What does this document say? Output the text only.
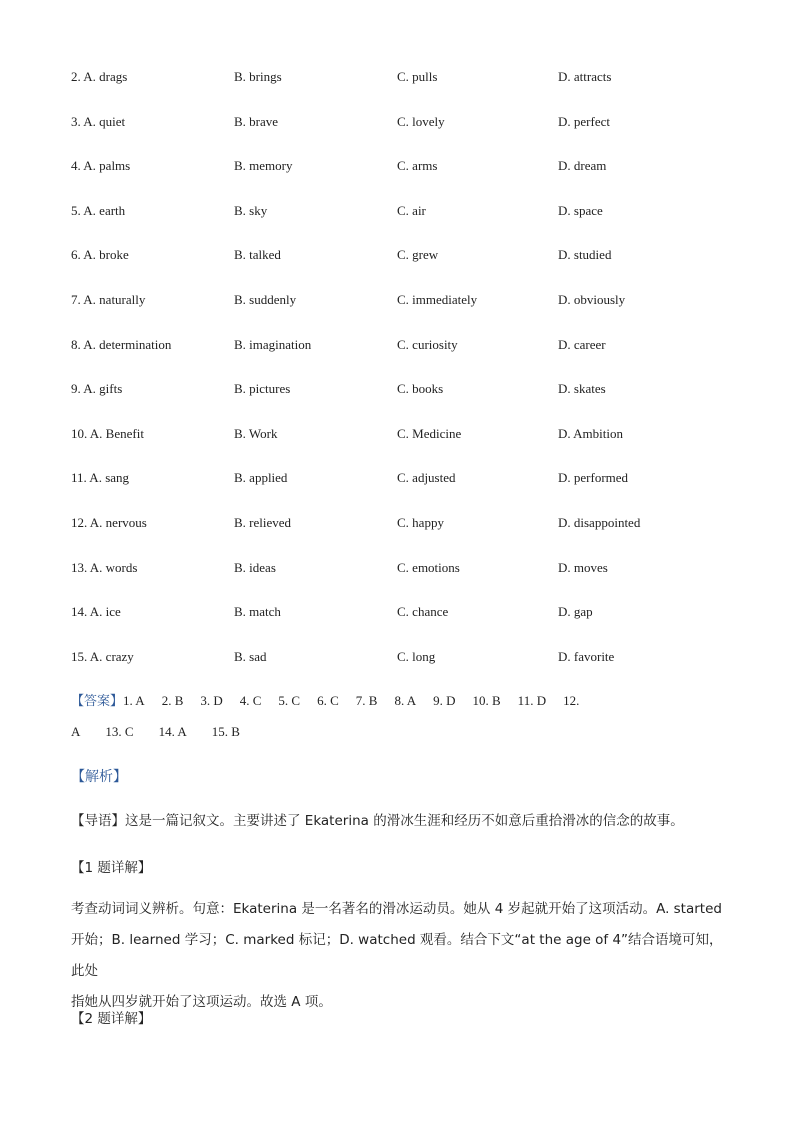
2. A. drags	B. brings	C. pulls	D. attracts
3. A. quiet	B. brave	C. lovely	D. perfect
4. A. palms	B. memory	C. arms	D. dream
5. A. earth	B. sky	C. air	D. space
6. A. broke	B. talked	C. grew	D. studied
7. A. naturally	B. suddenly	C. immediately	D. obviously
8. A. determination	B. imagination	C. curiosity	D. career
9. A. gifts	B. pictures	C. books	D. skates
10. A. Benefit	B. Work	C. Medicine	D. Ambition
11. A. sang	B. applied	C. adjusted	D. performed
12. A. nervous	B. relieved	C. happy	D. disappointed
13. A. words	B. ideas	C. emotions	D. moves
14. A. ice	B. match	C. chance	D. gap
15. A. crazy	B. sad	C. long	D. favorite
【答案】1. A 2. B 3. D 4. C 5. C 6. C 7. B 8. A 9. D 10. B 11. D 12.
A 13. C 14. A 15. B
【解析】
【导语】这是一篇记叙文。主要讲述了 Ekaterina 的滑冰生涯和经历不如意后重拾滑冰的信念的故事。
【1 题详解】
考查动词词义辨析。句意：Ekaterina 是一名著名的滑冰运动员。她从 4 岁起就开始了这项活动。A. started
开始；B. learned 学习；C. marked 标记；D. watched 观看。结合下文“at the age of 4”结合语境可知，此处
指她从四岁就开始了这项运动。故选 A 项。
【2 题详解】
